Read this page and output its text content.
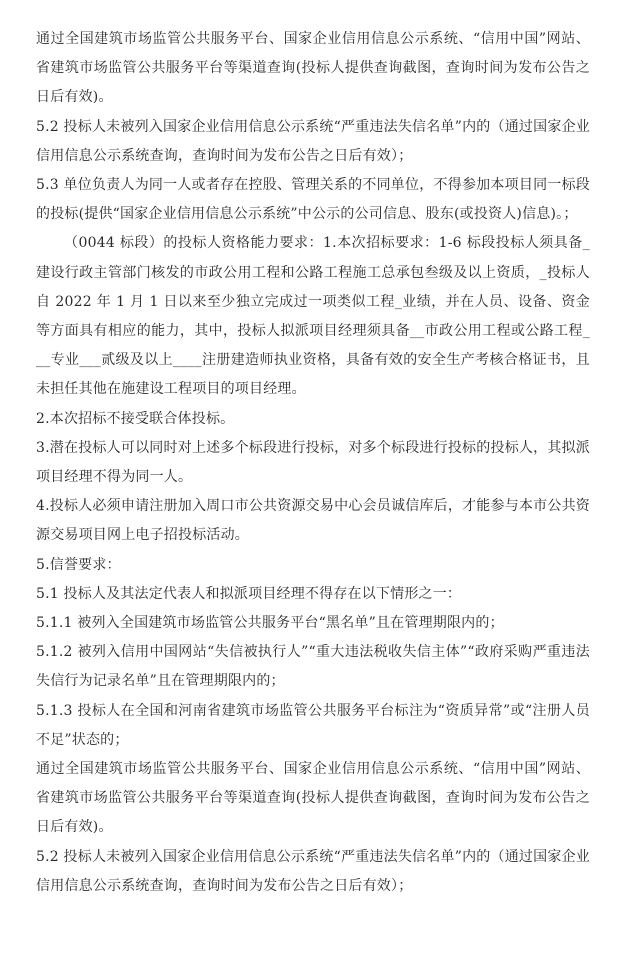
通过全国建筑市场监管公共服务平台、国家企业信用信息公示系统、“信用中国”网站、省建筑市场监管公共服务平台等渠道查询(投标人提供查询截图，查询时间为发布公告之日后有效)。

5.2 投标人未被列入国家企业信用信息公示系统“严重违法失信名单”内的（通过国家企业信用信息公示系统查询，查询时间为发布公告之日后有效）；

5.3 单位负责人为同一人或者存在控股、管理关系的不同单位，不得参加本项目同一标段的投标(提供“国家企业信用信息公示系统”中公示的公司信息、股东(或投资人)信息)。；

（0044 标段）的投标人资格能力要求：1.本次招标要求：1-6 标段投标人须具备_建设行政主管部门核发的市政公用工程和公路工程施工总承包叁级及以上资质，_投标人自 2022 年 1 月 1 日以来至少独立完成过一项类似工程_业绩，并在人员、设备、资金等方面具有相应的能力，其中，投标人拟派项目经理须具备__市政公用工程或公路工程___专业___贰级及以上____注册建造师执业资格，具备有效的安全生产考核合格证书，且未担任其他在施建设工程项目的项目经理。

2.本次招标不接受联合体投标。

3.潜在投标人可以同时对上述多个标段进行投标，对多个标段进行投标的投标人，其拟派项目经理不得为同一人。

4.投标人必须申请注册加入周口市公共资源交易中心会员诚信库后，才能参与本市公共资源交易项目网上电子招投标活动。

5.信誉要求：

5.1 投标人及其法定代表人和拟派项目经理不得存在以下情形之一：

5.1.1 被列入全国建筑市场监管公共服务平台“黑名单”且在管理期限内的；

5.1.2 被列入信用中国网站“失信被执行人”“重大违法税收失信主体”“政府采购严重违法失信行为记录名单”且在管理期限内的；

5.1.3 投标人在全国和河南省建筑市场监管公共服务平台标注为“资质异常”或“注册人员不足”状态的；

通过全国建筑市场监管公共服务平台、国家企业信用信息公示系统、“信用中国”网站、省建筑市场监管公共服务平台等渠道查询(投标人提供查询截图，查询时间为发布公告之日后有效)。

5.2 投标人未被列入国家企业信用信息公示系统“严重违法失信名单”内的（通过国家企业信用信息公示系统查询，查询时间为发布公告之日后有效）；
